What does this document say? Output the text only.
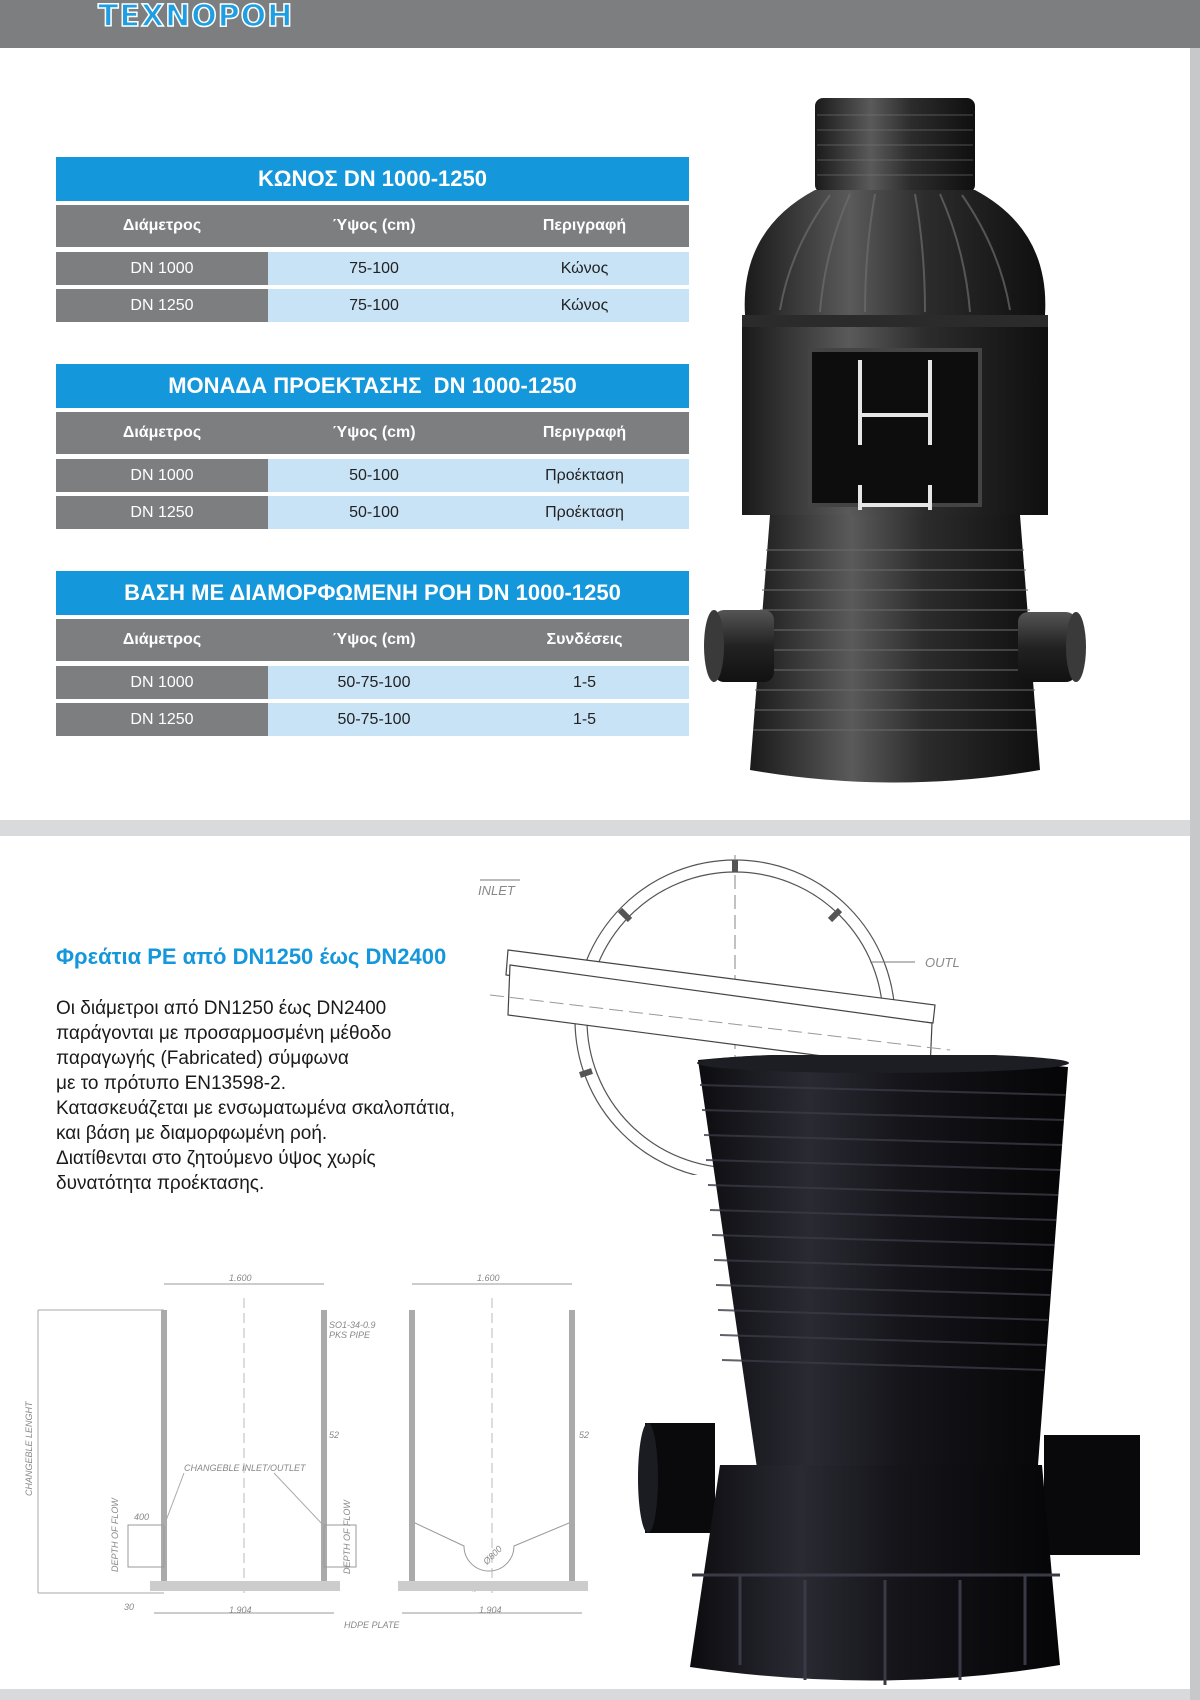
ΤΕΧΝΟΡΟΗ
ΚΩΝΟΣ DN 1000-1250		

Διάμετρος	Ύψος (cm)	Περιγραφή

DN 1000	75-100	Κώνος

DN 1250	75-100	Κώνος
ΜΟΝΑΔΑ ΠΡΟΕΚΤΑΣΗΣ  DN 1000-1250		

Διάμετρος	Ύψος (cm)	Περιγραφή

DN 1000	50-100	Προέκταση

DN 1250	50-100	Προέκταση
ΒΑΣΗ ΜΕ ΔΙΑΜΟΡΦΩΜΕΝΗ ΡΟΗ DN 1000-1250		

Διάμετρος	Ύψος (cm)	Συνδέσεις

DN 1000	50-75-100	1-5

DN 1250	50-75-100	1-5
Φρεάτια PE από DN1250 έως DN2400
Οι διάμετροι από DN1250 έως DN2400
παράγονται με προσαρμοσμένη μέθοδο
παραγωγής (Fabricated) σύμφωνα
με το πρότυπο EN13598-2.
Κατασκευάζεται με ενσωματωμένα σκαλοπάτια,
και βάση με διαμορφωμένη ροή.
Διατίθενται στο ζητούμενο ύψος χωρίς
δυνατότητα προέκτασης.
INLET
OUTL
1.600
CHANGEBLE LENGHT
400
DEPTH OF FLOW	DEPTH OF FLOW
CHANGEBLE INLET/OUTLET
SO1-34-0.9
PKS PIPE
52
30	1.904
HDPE PLATE
1.600
Ø800
52
1.904
